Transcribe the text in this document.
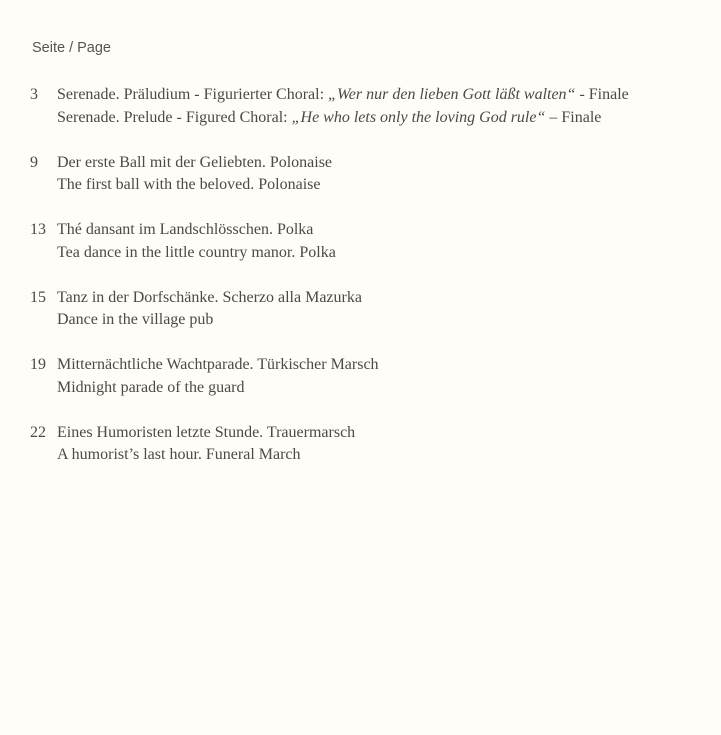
Seite / Page
3 Serenade. Präludium - Figurierter Choral: „Wer nur den lieben Gott läßt walten“ - Finale
Serenade. Prelude - Figured Choral: „He who lets only the loving God rule“ – Finale
9 Der erste Ball mit der Geliebten. Polonaise
The first ball with the beloved. Polonaise
13 Thé dansant im Landschlösschen. Polka
Tea dance in the little country manor. Polka
15 Tanz in der Dorfschänke. Scherzo alla Mazurka
Dance in the village pub
19 Mitternächtliche Wachtparade. Türkischer Marsch
Midnight parade of the guard
22 Eines Humoristen letzte Stunde. Trauermarsch
A humorist’s last hour. Funeral March
